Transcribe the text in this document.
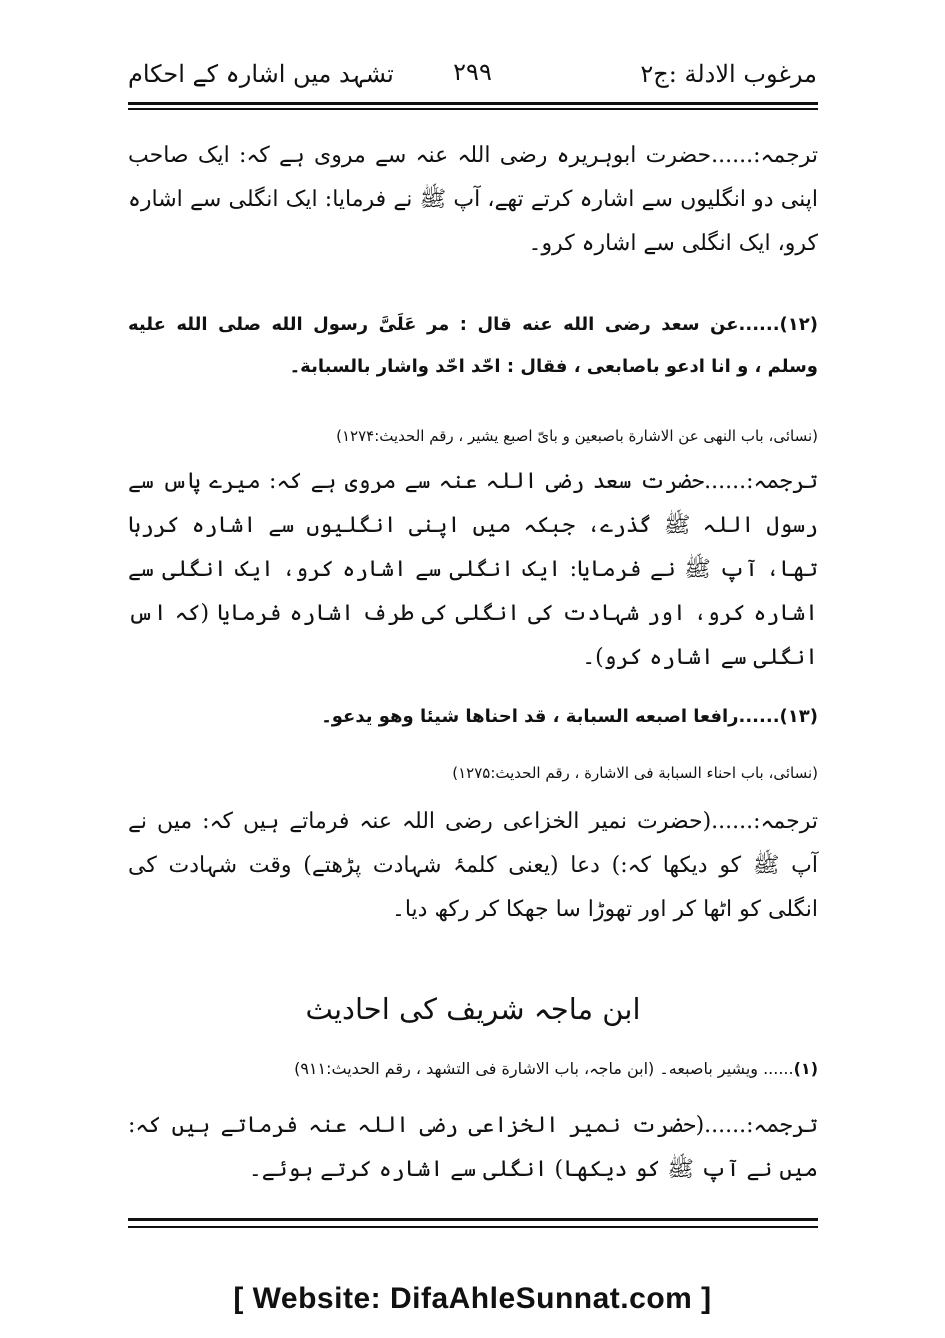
مرغوب الادلة :ج۲
۲۹۹
تشہد میں اشارہ کے احکام
ترجمہ:......حضرت ابوہریرہ رضی اللہ عنہ سے مروی ہے کہ: ایک صاحب اپنی دو انگلیوں سے اشارہ کرتے تھے، آپ ﷺ نے فرمایا: ایک انگلی سے اشارہ کرو، ایک انگلی سے اشارہ کرو۔
(۱۲)......عن سعد رضی الله عنه قال : مر عَلَیَّ رسول الله صلی الله علیه وسلم ، و انا ادعو باصابعی ، فقال : احّد احّد واشار بالسبابة۔
(نسائی، باب النهی عن الاشارة باصبعین و بایّ اصبع یشیر ، رقم الحدیث:۱۲۷۴)
ترجمہ:......حضرت سعد رضی اللہ عنہ سے مروی ہے کہ: میرے پاس سے رسول اللہ ﷺ گذرے، جبکہ میں اپنی انگلیوں سے اشارہ کررہا تھا، آپ ﷺ نے فرمایا: ایک انگلی سے اشارہ کرو، ایک انگلی سے اشارہ کرو، اور شہادت کی انگلی کی طرف اشارہ فرمایا (کہ اس انگلی سے اشارہ کرو)۔
(۱۳)......رافعا اصبعه السبابة ، قد احناها شیئا وهو یدعو۔
(نسائی، باب احناء السبابة فی الاشارة ، رقم الحدیث:۱۲۷۵)
ترجمہ:......(حضرت نمیر الخزاعی رضی اللہ عنہ فرماتے ہیں کہ: میں نے آپ ﷺ کو دیکھا کہ:) دعا (یعنی کلمۂ شہادت پڑھتے) وقت شہادت کی انگلی کو اٹھا کر اور تھوڑا سا جھکا کر رکھ دیا۔
ابن ماجہ شریف کی احادیث
(۱)...... ویشیر باصبعه۔ (ابن ماجہ، باب الاشارة فی التشهد ، رقم الحدیث:۹۱۱)
ترجمہ:......(حضرت نمیر الخزاعی رضی اللہ عنہ فرماتے ہیں کہ: میں نے آپ ﷺ کو دیکھا) انگلی سے اشارہ کرتے ہوئے۔
[ Website: DifaAhleSunnat.com ]
